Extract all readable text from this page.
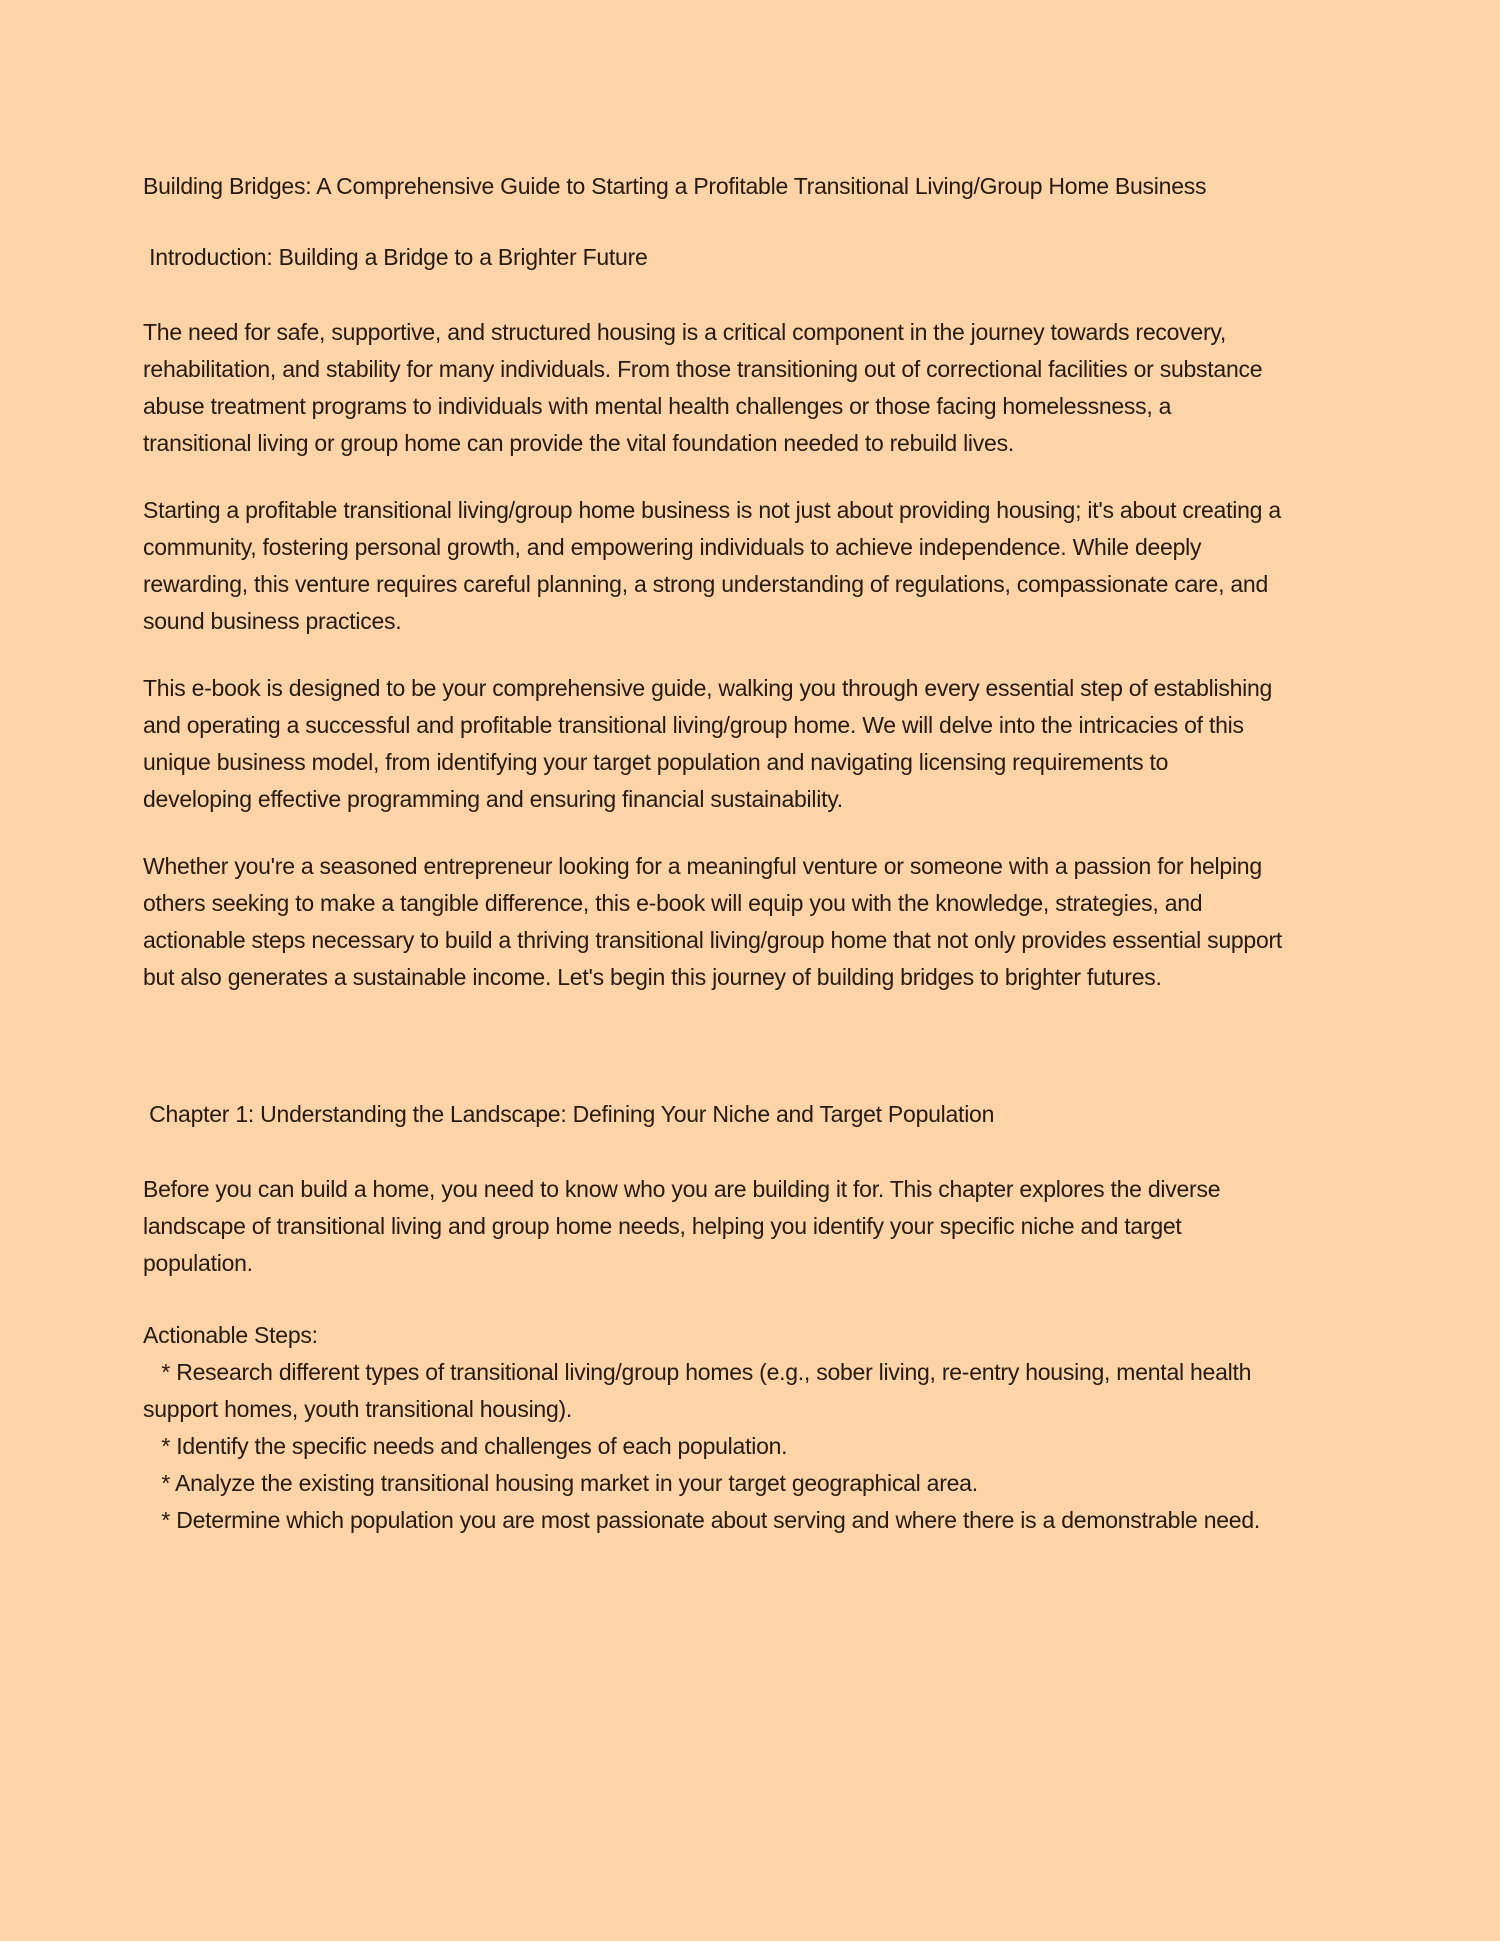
Building Bridges: A Comprehensive Guide to Starting a Profitable Transitional Living/Group Home Business
Introduction: Building a Bridge to a Brighter Future

The need for safe, supportive, and structured housing is a critical component in the journey towards recovery, rehabilitation, and stability for many individuals. From those transitioning out of correctional facilities or substance abuse treatment programs to individuals with mental health challenges or those facing homelessness, a transitional living or group home can provide the vital foundation needed to rebuild lives.

Starting a profitable transitional living/group home business is not just about providing housing; it's about creating a community, fostering personal growth, and empowering individuals to achieve independence. While deeply rewarding, this venture requires careful planning, a strong understanding of regulations, compassionate care, and sound business practices.

This e-book is designed to be your comprehensive guide, walking you through every essential step of establishing and operating a successful and profitable transitional living/group home. We will delve into the intricacies of this unique business model, from identifying your target population and navigating licensing requirements to developing effective programming and ensuring financial sustainability.

Whether you're a seasoned entrepreneur looking for a meaningful venture or someone with a passion for helping others seeking to make a tangible difference, this e-book will equip you with the knowledge, strategies, and actionable steps necessary to build a thriving transitional living/group home that not only provides essential support but also generates a sustainable income. Let's begin this journey of building bridges to brighter futures.

Chapter 1: Understanding the Landscape: Defining Your Niche and Target Population

Before you can build a home, you need to know who you are building it for. This chapter explores the diverse landscape of transitional living and group home needs, helping you identify your specific niche and target population.

Actionable Steps:

* Research different types of transitional living/group homes (e.g., sober living, re-entry housing, mental health support homes, youth transitional housing).

* Identify the specific needs and challenges of each population.

* Analyze the existing transitional housing market in your target geographical area.

* Determine which population you are most passionate about serving and where there is a demonstrable need.
